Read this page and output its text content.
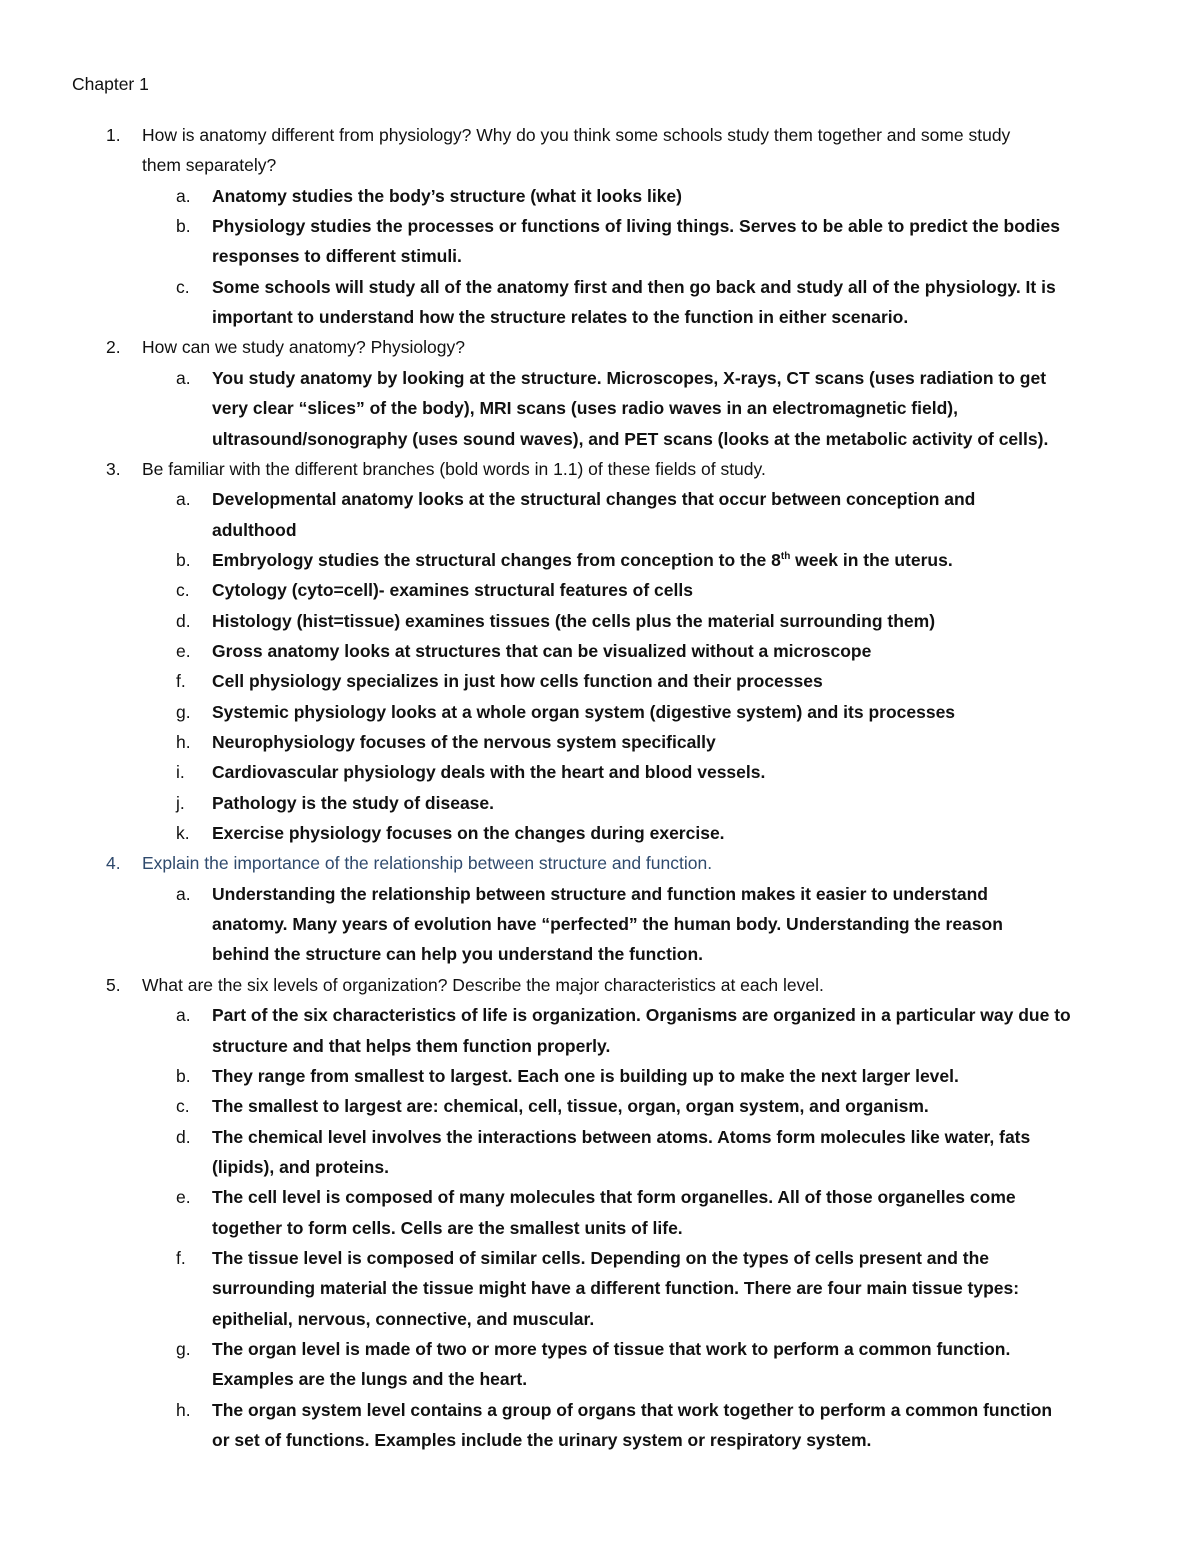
Chapter 1
1. How is anatomy different from physiology? Why do you think some schools study them together and some study
them separately?
a. Anatomy studies the body’s structure (what it looks like)
b. Physiology studies the processes or functions of living things. Serves to be able to predict the bodies
responses to different stimuli.
c. Some schools will study all of the anatomy first and then go back and study all of the physiology. It is
important to understand how the structure relates to the function in either scenario.
2. How can we study anatomy? Physiology?
a. You study anatomy by looking at the structure. Microscopes, X-rays, CT scans (uses radiation to get
very clear “slices” of the body), MRI scans (uses radio waves in an electromagnetic field),
ultrasound/sonography (uses sound waves), and PET scans (looks at the metabolic activity of cells).
3. Be familiar with the different branches (bold words in 1.1) of these fields of study.
a. Developmental anatomy looks at the structural changes that occur between conception and
adulthood
b. Embryology studies the structural changes from conception to the 8th week in the uterus.
c. Cytology (cyto=cell)- examines structural features of cells
d. Histology (hist=tissue) examines tissues (the cells plus the material surrounding them)
e. Gross anatomy looks at structures that can be visualized without a microscope
f. Cell physiology specializes in just how cells function and their processes
g. Systemic physiology looks at a whole organ system (digestive system) and its processes
h. Neurophysiology focuses of the nervous system specifically
i. Cardiovascular physiology deals with the heart and blood vessels.
j. Pathology is the study of disease.
k. Exercise physiology focuses on the changes during exercise.
4. Explain the importance of the relationship between structure and function.
a. Understanding the relationship between structure and function makes it easier to understand
anatomy. Many years of evolution have “perfected” the human body. Understanding the reason
behind the structure can help you understand the function.
5. What are the six levels of organization? Describe the major characteristics at each level.
a. Part of the six characteristics of life is organization. Organisms are organized in a particular way due to
structure and that helps them function properly.
b. They range from smallest to largest. Each one is building up to make the next larger level.
c. The smallest to largest are: chemical, cell, tissue, organ, organ system, and organism.
d. The chemical level involves the interactions between atoms. Atoms form molecules like water, fats
(lipids), and proteins.
e. The cell level is composed of many molecules that form organelles. All of those organelles come
together to form cells. Cells are the smallest units of life.
f. The tissue level is composed of similar cells. Depending on the types of cells present and the
surrounding material the tissue might have a different function. There are four main tissue types:
epithelial, nervous, connective, and muscular.
g. The organ level is made of two or more types of tissue that work to perform a common function.
Examples are the lungs and the heart.
h. The organ system level contains a group of organs that work together to perform a common function
or set of functions. Examples include the urinary system or respiratory system.
